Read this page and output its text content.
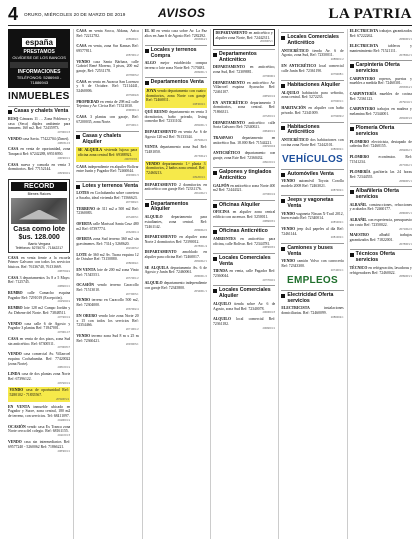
4 ORURO, MIÉRCOLES 20 DE MARZO DE 2019	AVISOS	LA PATRIA
españa
PRESTAMOS
OLVÍDESE DE LOS BANCOS
INFORMACIONES
TELÉFONOS: 5286940 - 71886943
INMUEBLES
Casas y chalets Venta

BUSQ Cámaras 11 … Zona Poblenor y casa (Seca) dúplex ambiente para inmuem. 160 m2. Ref: 72435973.
2079001/6

VENDO casa Savia. 77422704 (Zimet).
2080312/0

CASA en venta de oportunidad, zona Tarapacá Ref: 67242288, 69516950.
2063001/1

CASA nueva y comoda en venta 3 dormitorios. Ref: 77152144.
2093002/2

RECORD
Bienes Raíces
Casa como lote $us. 128.000
Barrio Vergara
Teléfonos: 5275070 - 71842217

CASA en venta frente a la escuela Primer Galvarro con todos los servicios básicos. Ref: 76136740, 76131669.
2087004/2

CASA 3 departamentos 3x 8 a 5 Mayo. Ref: 7125745.
2086001/1

RUMBO calle Camacho esquina Pagador Ref: 7291019 (Excepción).
2045002/2

RUMBO lote 128 m2 Campo Jordán y Av. Dehene del Norte. Ref: 73848511.
2073001/4

VENDO casa calle 6 de Agosto y Pagador 3 plantas Ref: 71847001.
2079012/5

CASA en venta de dos pisos, zona Sud sin anticrético. Ref: 67300511.
2079005/3

VENDO casa comercial Av. Villarroel esquina Cochabamba. Ref: 77420022 (zona Norte).
2081001/2

LINDA casa de dos plantas zona Norte Ref: 67396122.
2055001/4

VENDO casa de oportunidad Ref: 5280102 - 71835567.
2059003/4

EN VENTA inmueble ubicado en Pagador y Sucre, zona central, 180 m2 de terreno, con servicios. Tel: 68411097.
2049001/2

OCASIÓN vendo casa Ex Tranca zona Norte cerca del colegio. Ref: 68161155.
2041001/6

VENDO casa sin intermediarios Ref: 69577240 - 5260062 Ref: 71866221.
2083001/1

CASA en venta Socca, Aldana, Arica Ref: 72212782.
2089002/1

CASA en venta, zona Sur Kansas Ref: 69577811.
2087001/2

VENDO casa Santa Bárbara, calle Gabriel René Moreno, 3 pisos, 200 m2 garaje, Ref: 72531178.
2078003/2

CASA en venta en Awaroa San Lorenzo y 6 de Octubre. Ref: 72114441, 52460006.
2079004/6

PROPIEDAD en venta de 298 m2 calle Tejerina y Av. Cívica Ref: 71521030.
2090001/4

CASA 3 plantas con garaje, Ref: 67200035, zona Norte.
2075001/1

Casas y chalets Alquiler

SE ALQUILA vivienda lujosa para oficina zona central Ref: 69388921.
2067003/6

CASA independiente en alquiler Bolívar entre Junín y Pagador Ref: 72460044.
2093001/3

Lotes y terrenos Venta

LOTES en Cochabamba sobre carretera a Sacaba, ideal vivienda Ref: 71566623.
2073002/1

TERRENO de 311 m2 a 500 m2 Ref: 72360083.
2054003/1

OFERTA calle Mariscal Santa Cruz 480 m2 Ref: 67397774.
2062001/4

OFERTA zona Sud terreno 360 m2 sin gravámenes. Ref: 7314 y 5268620.
2045003/2

LOTE de 360 m2 Av. Tacna esquina 12 de Octubre Ref: 73150880.
2080004/1

EN VENTA lote de 200 m2 zona Vinto Ref: 71545551.
2057001/2

OCASIÓN vendo terreno Caracollo Ref: 71513010.
2073003/1

VENDO terreno en Caracollo 500 m2, Ref: 72304000.
2067002/4

EN ORURO vendo lote zona Norte 20 x 15 con todos los servicios Ref: 72354466.
2071001/2

VENDO terreno zona Sud 8 m x 25 m Ref: 72360421.
2093003/1

EL SI en venta casa sobre Av. La Paz altos en Juan 6 de Agosto Ref: 7282292.
2093004/1

Locales y terrenos Compra

ALGO mejor establecido compra terreno o lote zona Norte Ref: 7170481.
2069001/1

Departamentos Venta

JOYA vendo departamento con cuatro dormitorios, zona Norte con garaje Ref: 72460011.
2083002/1

QUÉ BUENO departamento en venta 3 dormitorios, baño privado, living comedor Ref: 72331102.
2082001/1

DEPARTAMENTO en venta Av. 6 de Agosto 120 m2 Ref: 76133344.
2079002/2

VENTA departamento zona Sud Ref: 72481050.
2073004/1

VENDO departamento 1.ª planta 3 dormitorios, 2 baños zona central. Ref: 72460213.
2092001/1

DEPARTAMENTO 2 dormitorios en anticrético con garaje Ref: 72331176.
2061002/1

Departamentos Alquiler

ALQUILO departamento para estudiantes, zona central. Ref: 72461142.
2086002/2

DEPARTAMENTO en alquiler zona Norte 2 dormitorios Ref: 72390012.
2078001/4

DEPARTAMENTO amoblado en alquiler para oficina Ref: 72460017.
2082002/1

SE ALQUILA departamento Av. 6 de Agosto y Junín Ref: 72460061.
2080001/2

ALQUILO departamento independiente con garaje Ref: 72345800.
2056001/1

DEPARTAMENTO en anticrético y alquiler zona Norte, Ref: 72442311.
2093005/1

Departamentos Anticrético

DEPARTAMENTO en anticrético, zona Sud, Ref: 72309881.
2079006/1

DEPARTAMENTO en anticrético Av. Villarroel esquina Ayacucho Ref: 72461107.
2085001/2

EN ANTICRÉTICO departamento 3 dormitorios, zona central. Ref: 71866311.
2072001/1

DEPARTAMENTO anticrético calle Soria Galvarro Ref: 72340021.
2084001/1

TRASPASO departamento en anticrético $us. 18.000 Ref: 71544221.
2065002/4

ANTICRÉTICO departamento con garaje, zona Este Ref: 72360432.
2091001/1

Galpones y tinglados Anticrético

GALPÓN en anticrético zona Norte 400 m2 Ref: 72444321.
2070001/2

Oficinas Alquiler

OFICINA en alquiler zona central edificio con ascensor. Ref: 5250011.
2086003/1

Oficinas Anticrético

AMBIENTES en anticrético para oficina, calle Bolívar. Ref: 72344781.
2083003/1

Locales Comerciales Venta

TIENDA en venta, calle Pagador Ref: 72360044.
2077002/1

Locales Comerciales Alquiler

ALQUILO tienda sobre Av. 6 de Agosto, zona Sud Ref: 72340078.
2060001/3

ALQUILO local comercial Ref: 72361182.
2066001/1

Locales Comerciales Anticrético

ANTICRÉTICO tienda Av. 6 de Agosto, zona Sud, Ref: 72350011.
2088001/2

EN ANTICRÉTICO local comercial calle Junín Ref: 72361190.
2079008/1

Habitaciones Alquiler

ALQUILO habitación para señorita, zona central. Ref: 5272233.
2076001/1

HABITACIÓN en alquiler con baño privado. Ref: 72341009.
2079009/2

Habitaciones Anticrético

ANTICRÉTICO dos habitaciones con cocina zona Norte Ref: 72442101.
2080002/1

VEHÍCULOS
Automóviles Venta

VENDO automóvil Toyota Corolla modelo 2008 Ref: 72463021.
2087002/1

Jeeps y vagonetas Venta

VENDO vagoneta Nissan X-Trail 2012, buen estado Ref: 72340014.
2085002/1

VENDO jeep 4x4 papeles al día Ref: 72461144.
2081002/1

Camiones y buses Venta

VENDO camión Volvo con carrocería Ref: 72343300.
2074001/1

EMPLEOS
Electricidad Oferta servicios

ELECTRICISTA	instalaciones domiciliarias. Ref: 72460099.
2086004/1

ELECTRICISTA trabajos garantizados Ref: 67222262.
2080003/1

ELECTRICISTA	tableros y mantenimiento Ref: 71521111.
2078002/1

Carpintería Oferta servicios

CARPINTERO roperos, puertas y muebles a medida Ref: 72460301.
2083004/1

CARPINTERÍA muebles de cocina Ref: 72361123.
2079010/1

CARPINTERO trabajos en madera y melamina Ref: 72344001.
2082003/2

Plomería Oferta servicios

PLOMERO electricista, destapado de cañerías Ref: 72460155.
2084002/1

PLOMERO económico. Ref: 71541234.
2075002/1

PLOMERÍA gasfitería las 24 horas Ref: 72344555.
2086005/1

Albañilería Oferta servicios

ALBAÑIL construcciones, refacciones y acabados Ref: 72460177.
2080005/1

ALBAÑIL con experiencia, presupuesto sin costo Ref: 72350022.
2072002/2

MAESTRO	albañil trabajos garantizados Ref: 71822001.
2078003/1

Técnicos Oferta servicios

TÉCNICO en refrigeración, lavadoras y refrigeradores Ref: 72460022.
2089003/1
